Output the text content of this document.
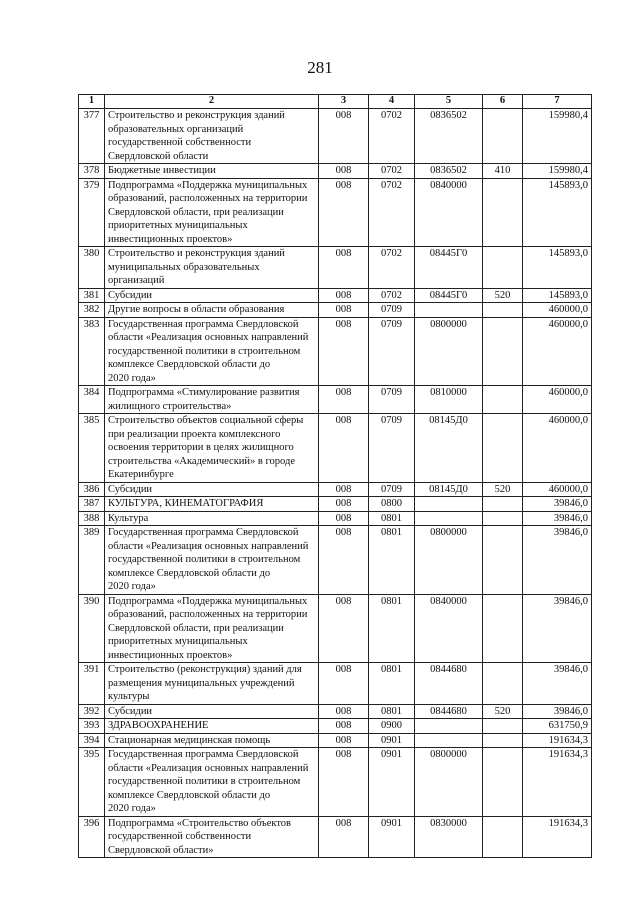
281
1	2	3	4	5	6	7
377	Строительство и реконструкция зданий
образовательных организаций
государственной собственности
Свердловской области	008	0702	0836502		159980,4
378	Бюджетные инвестиции	008	0702	0836502	410	159980,4
379	Подпрограмма «Поддержка муниципальных
образований, расположенных на территории
Свердловской области, при реализации
приоритетных муниципальных
инвестиционных проектов»	008	0702	0840000		145893,0
380	Строительство и реконструкция зданий
муниципальных образовательных
организаций	008	0702	08445Г0		145893,0
381	Субсидии	008	0702	08445Г0	520	145893,0
382	Другие вопросы в области образования	008	0709			460000,0
383	Государственная программа Свердловской
области «Реализация основных направлений
государственной политики в строительном
комплексе Свердловской области до
2020 года»	008	0709	0800000		460000,0
384	Подпрограмма «Стимулирование развития
жилищного строительства»	008	0709	0810000		460000,0
385	Строительство объектов социальной сферы
при реализации проекта комплексного
освоения территории в целях жилищного
строительства «Академический» в городе
Екатеринбурге	008	0709	08145Д0		460000,0
386	Субсидии	008	0709	08145Д0	520	460000,0
387	КУЛЬТУРА, КИНЕМАТОГРАФИЯ	008	0800			39846,0
388	Культура	008	0801			39846,0
389	Государственная программа Свердловской
области «Реализация основных направлений
государственной политики в строительном
комплексе Свердловской области до
2020 года»	008	0801	0800000		39846,0
390	Подпрограмма «Поддержка муниципальных
образований, расположенных на территории
Свердловской области, при реализации
приоритетных муниципальных
инвестиционных проектов»	008	0801	0840000		39846,0
391	Строительство (реконструкция) зданий для
размещения муниципальных учреждений
культуры	008	0801	0844680		39846,0
392	Субсидии	008	0801	0844680	520	39846,0
393	ЗДРАВООХРАНЕНИЕ	008	0900			631750,9
394	Стационарная медицинская помощь	008	0901			191634,3
395	Государственная программа Свердловской
области «Реализация основных направлений
государственной политики в строительном
комплексе Свердловской области до
2020 года»	008	0901	0800000		191634,3
396	Подпрограмма «Строительство объектов
государственной собственности
Свердловской области»	008	0901	0830000		191634,3
